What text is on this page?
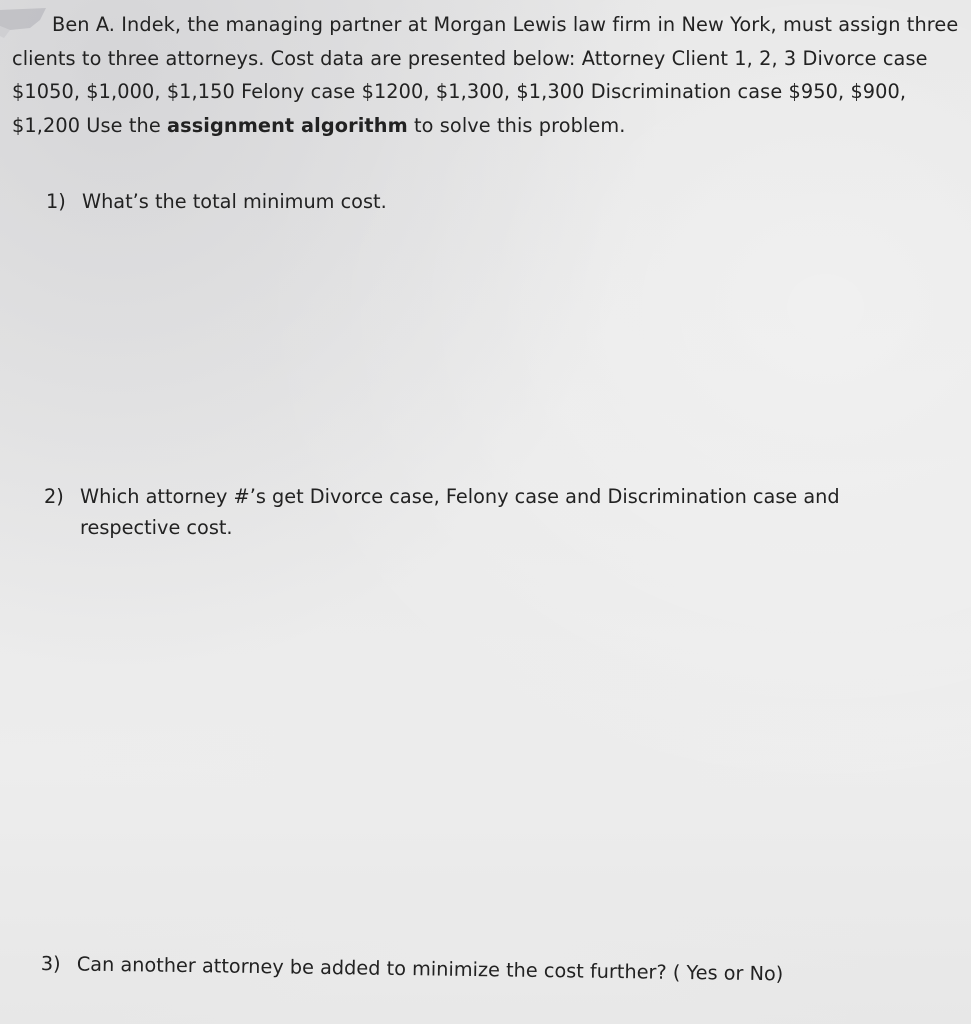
Ben A. Indek, the managing partner at Morgan Lewis law firm in New York, must assign three clients to three attorneys. Cost data are presented below: Attorney Client 1, 2, 3 Divorce case $1050, $1,000, $1,150 Felony case $1200, $1,300, $1,300 Discrimination case $950, $900, $1,200 Use the assignment algorithm to solve this problem.

1) What’s the total minimum cost.
2) Which attorney #’s get Divorce case, Felony case and Discrimination case and respective cost.
3) Can another attorney be added to minimize the cost further? ( Yes or No)
